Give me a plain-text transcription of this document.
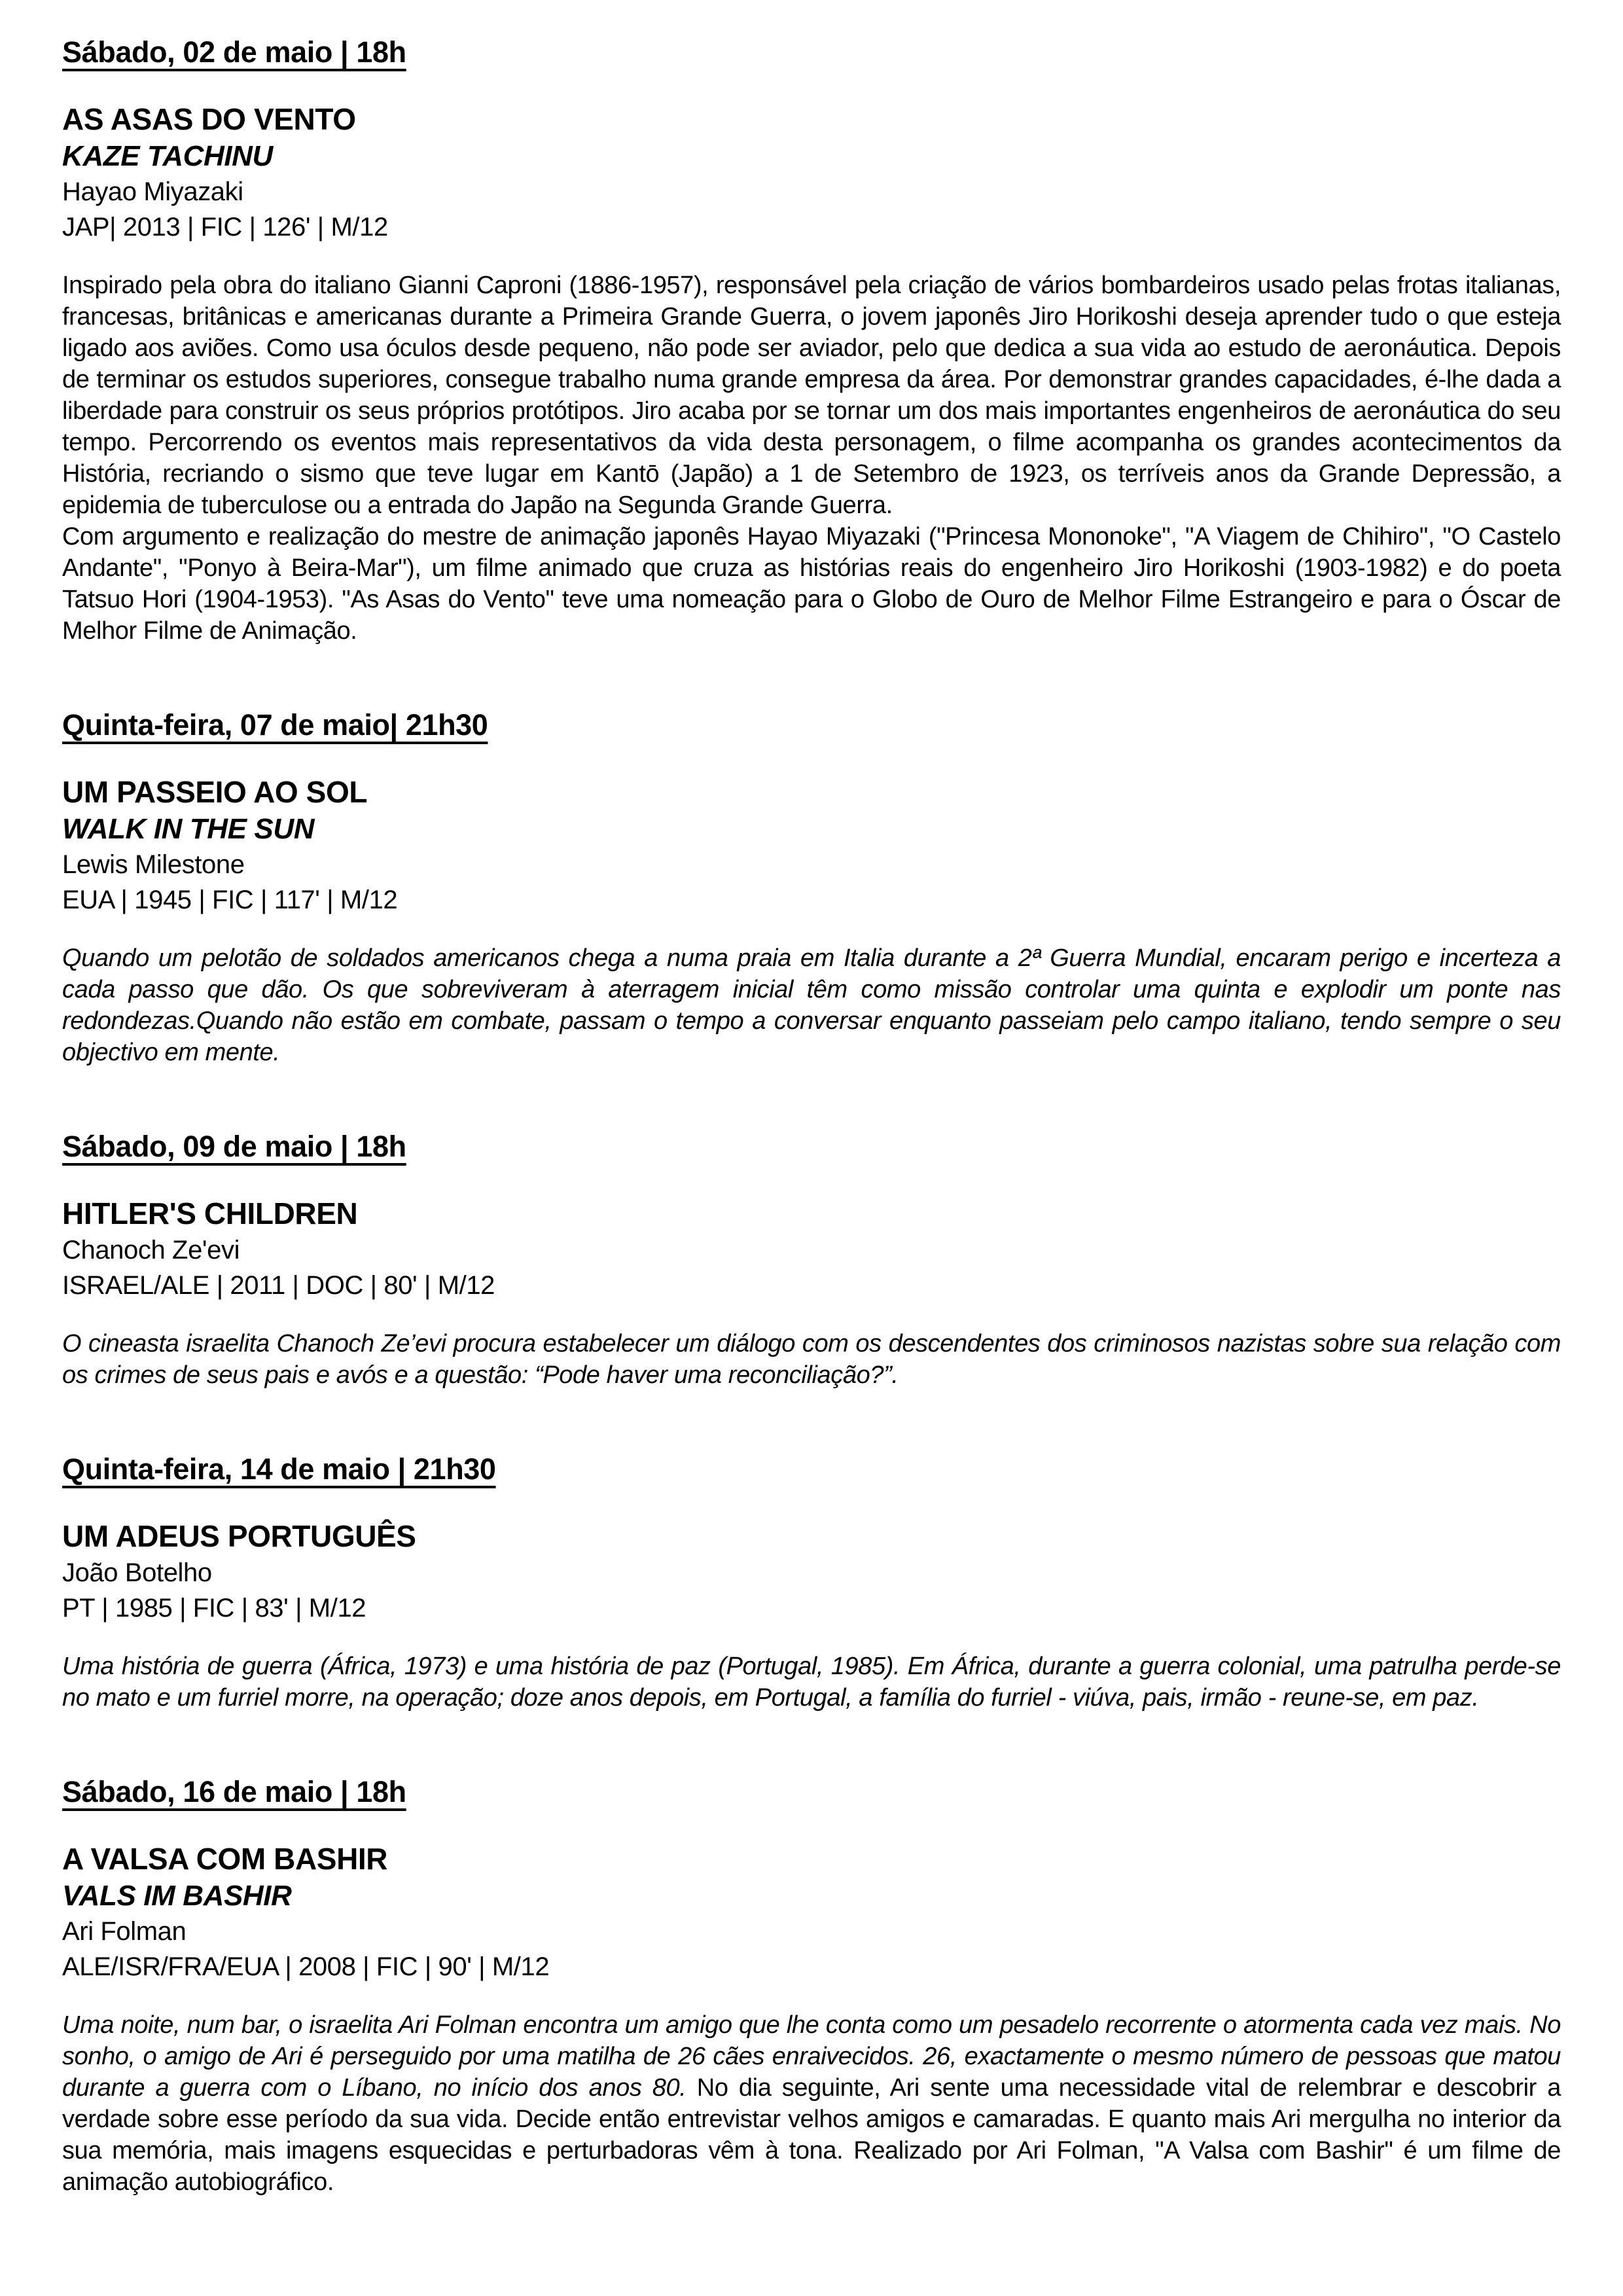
Sábado, 02 de maio | 18h
AS ASAS DO VENTO
KAZE TACHINU
Hayao Miyazaki
JAP| 2013 | FIC | 126' | M/12

Inspirado pela obra do italiano Gianni Caproni (1886-1957), responsável pela criação de vários bombardeiros usado pelas frotas italianas, francesas, britânicas e americanas durante a Primeira Grande Guerra, o jovem japonês Jiro Horikoshi deseja aprender tudo o que esteja ligado aos aviões. Como usa óculos desde pequeno, não pode ser aviador, pelo que dedica a sua vida ao estudo de aeronáutica. Depois de terminar os estudos superiores, consegue trabalho numa grande empresa da área. Por demonstrar grandes capacidades, é-lhe dada a liberdade para construir os seus próprios protótipos. Jiro acaba por se tornar um dos mais importantes engenheiros de aeronáutica do seu tempo. Percorrendo os eventos mais representativos da vida desta personagem, o filme acompanha os grandes acontecimentos da História, recriando o sismo que teve lugar em Kantō (Japão) a 1 de Setembro de 1923, os terríveis anos da Grande Depressão, a epidemia de tuberculose ou a entrada do Japão na Segunda Grande Guerra.

Com argumento e realização do mestre de animação japonês Hayao Miyazaki ("Princesa Mononoke", "A Viagem de Chihiro", "O Castelo Andante", "Ponyo à Beira-Mar"), um filme animado que cruza as histórias reais do engenheiro Jiro Horikoshi (1903-1982) e do poeta Tatsuo Hori (1904-1953). "As Asas do Vento" teve uma nomeação para o Globo de Ouro de Melhor Filme Estrangeiro e para o Óscar de Melhor Filme de Animação.

Quinta-feira, 07 de maio| 21h30
UM PASSEIO AO SOL
WALK IN THE SUN
Lewis Milestone
EUA | 1945 | FIC | 117' | M/12

Quando um pelotão de soldados americanos chega a numa praia em Italia durante a 2ª Guerra Mundial, encaram perigo e incerteza a cada passo que dão. Os que sobreviveram à aterragem inicial têm como missão controlar uma quinta e explodir um ponte nas redondezas.Quando não estão em combate, passam o tempo a conversar enquanto passeiam pelo campo italiano, tendo sempre o seu objectivo em mente.

Sábado, 09 de maio | 18h
HITLER'S CHILDREN
Chanoch Ze'evi
ISRAEL/ALE | 2011 | DOC | 80' | M/12

O cineasta israelita Chanoch Ze’evi procura estabelecer um diálogo com os descendentes dos criminosos nazistas sobre sua relação com os crimes de seus pais e avós e a questão: “Pode haver uma reconciliação?”.

Quinta-feira, 14 de maio | 21h30
UM ADEUS PORTUGUÊS
João Botelho
PT | 1985 | FIC | 83' | M/12

Uma história de guerra (África, 1973) e uma história de paz (Portugal, 1985). Em África, durante a guerra colonial, uma patrulha perde-se no mato e um furriel morre, na operação; doze anos depois, em Portugal, a família do furriel - viúva, pais, irmão - reune-se, em paz.

Sábado, 16 de maio | 18h
A VALSA COM BASHIR
VALS IM BASHIR
Ari Folman
ALE/ISR/FRA/EUA | 2008 | FIC | 90' | M/12

Uma noite, num bar, o israelita Ari Folman encontra um amigo que lhe conta como um pesadelo recorrente o atormenta cada vez mais. No sonho, o amigo de Ari é perseguido por uma matilha de 26 cães enraivecidos. 26, exactamente o mesmo número de pessoas que matou durante a guerra com o Líbano, no início dos anos 80. No dia seguinte, Ari sente uma necessidade vital de relembrar e descobrir a verdade sobre esse período da sua vida. Decide então entrevistar velhos amigos e camaradas. E quanto mais Ari mergulha no interior da sua memória, mais imagens esquecidas e perturbadoras vêm à tona. Realizado por Ari Folman, "A Valsa com Bashir" é um filme de animação autobiográfico.
